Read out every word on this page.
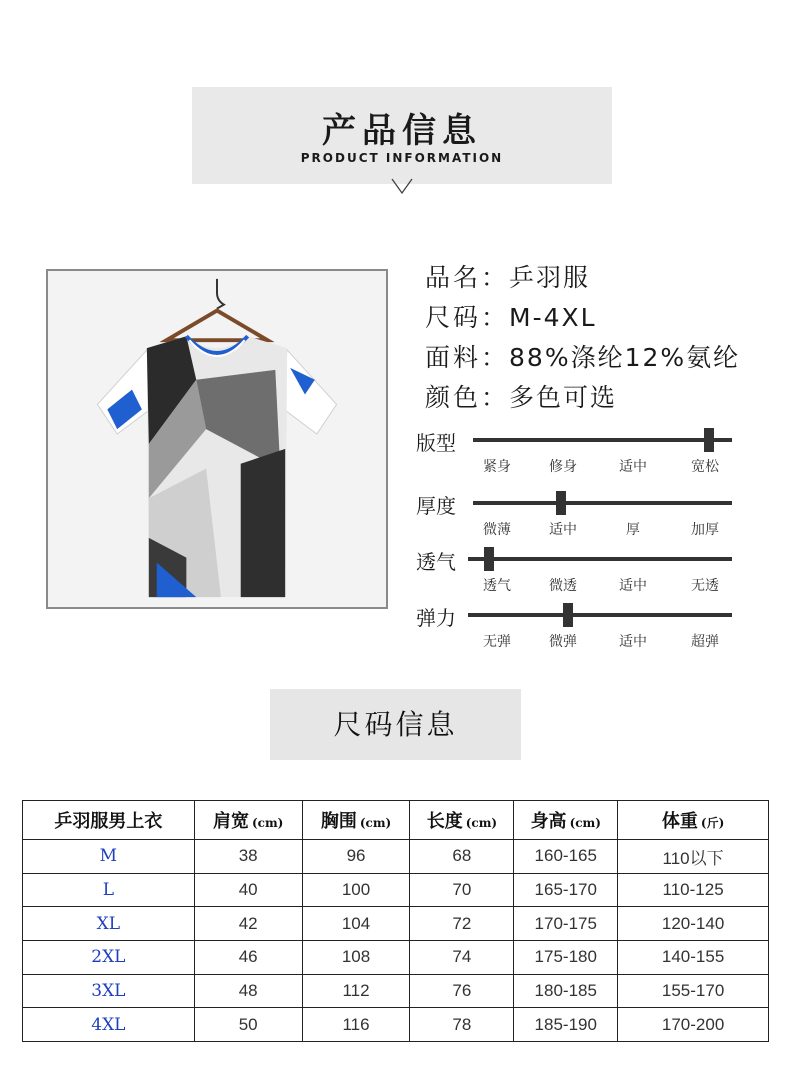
产品信息
PRODUCT INFORMATION
品名：乒羽服
尺码：M-4XL
面料：88%涤纶12%氨纶
颜色：多色可选
版型
紧身	修身	适中	宽松
厚度
微薄	适中	厚	加厚
透气
透气	微透	适中	无透
弹力
无弹	微弹	适中	超弹
尺码信息
乒羽服男上衣	肩宽 (cm)	胸围 (cm)	长度 (cm)	身高 (cm)	体重 (斤)
M	38	96	68	160-165	110以下
L	40	100	70	165-170	110-125
XL	42	104	72	170-175	120-140
2XL	46	108	74	175-180	140-155
3XL	48	112	76	180-185	155-170
4XL	50	116	78	185-190	170-200
